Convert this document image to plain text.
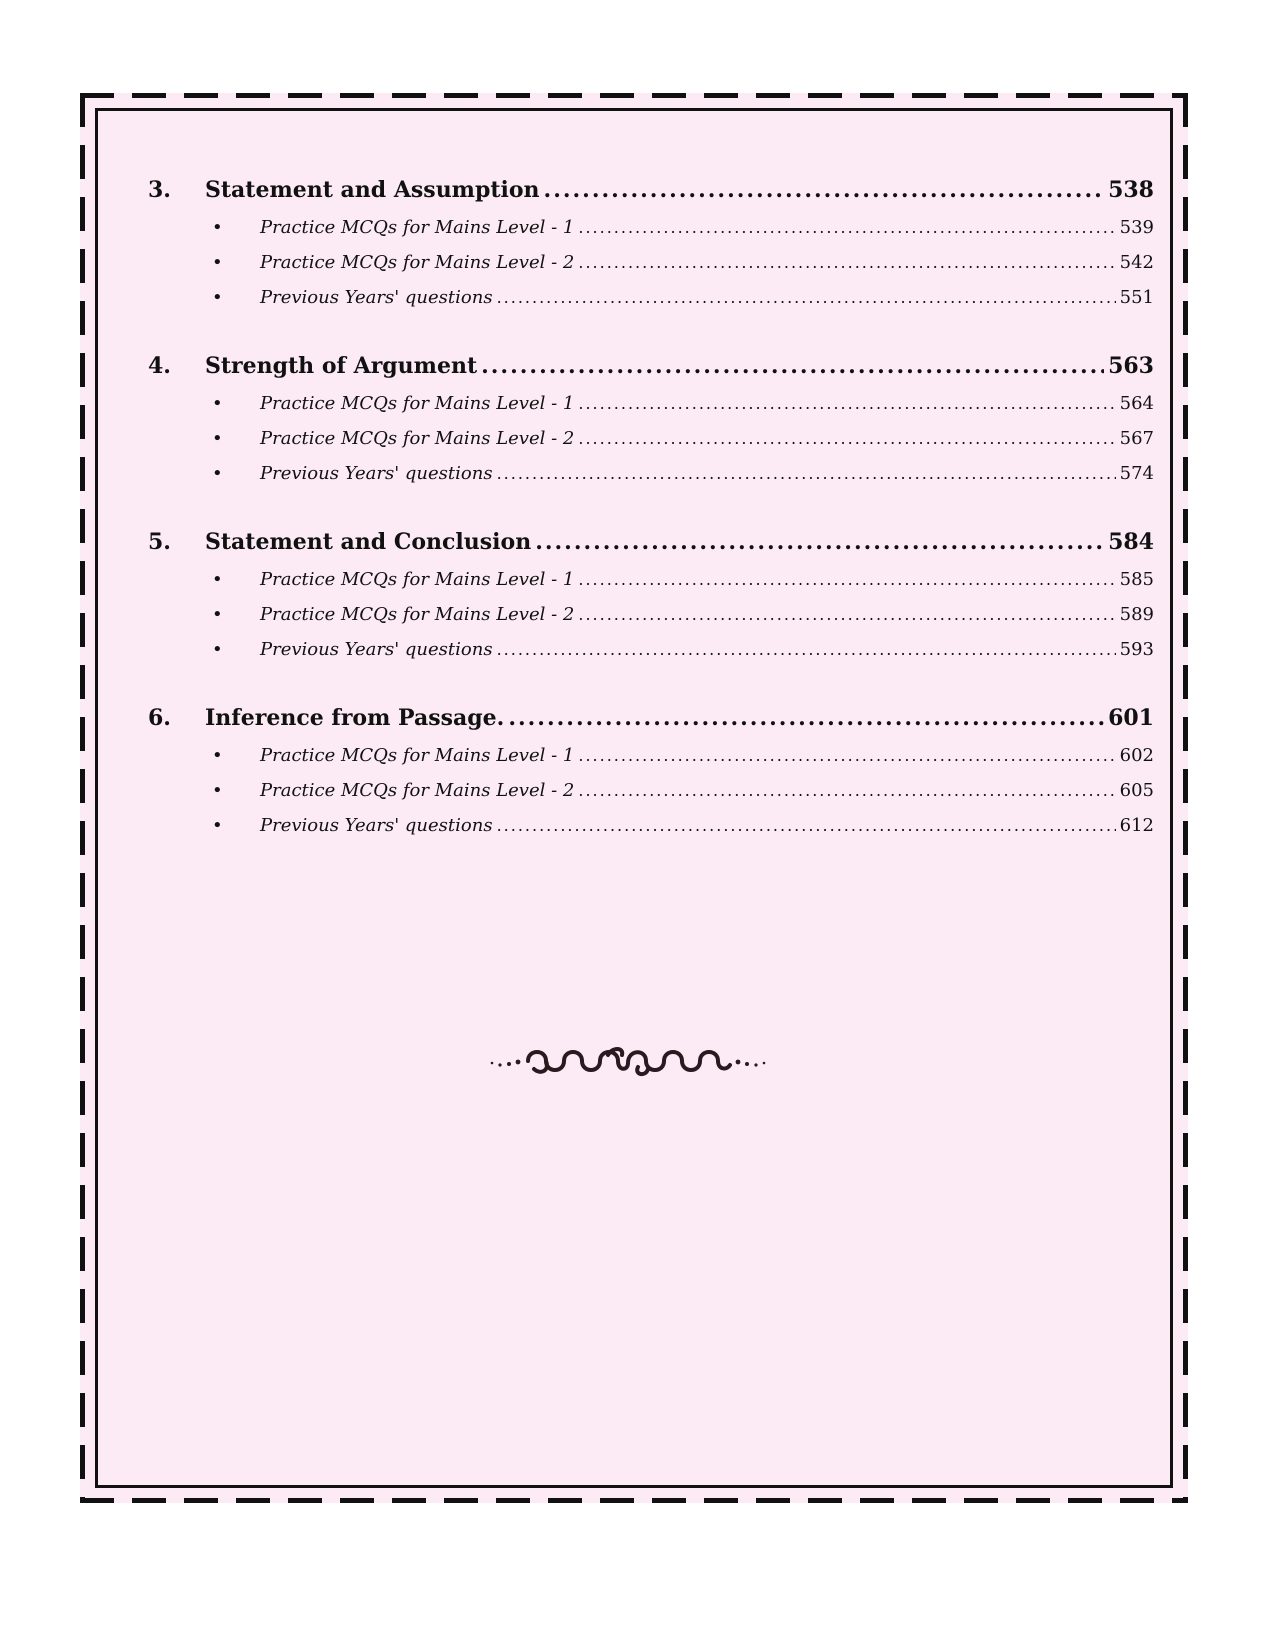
3.	Statement and Assumption .....	538
•	Practice MCQs for Mains Level - 1 .....	539
•	Practice MCQs for Mains Level - 2 .....	542
•	Previous Years' questions .....	551
4.	Strength of Argument .....	563
•	Practice MCQs for Mains Level - 1 .....	564
•	Practice MCQs for Mains Level - 2 .....	567
•	Previous Years' questions .....	574
5.	Statement and Conclusion .....	584
•	Practice MCQs for Mains Level - 1 .....	585
•	Practice MCQs for Mains Level - 2 .....	589
•	Previous Years' questions .....	593
6.	Inference from Passage. .....	601
•	Practice MCQs for Mains Level - 1 .....	602
•	Practice MCQs for Mains Level - 2 .....	605
•	Previous Years' questions .....	612
